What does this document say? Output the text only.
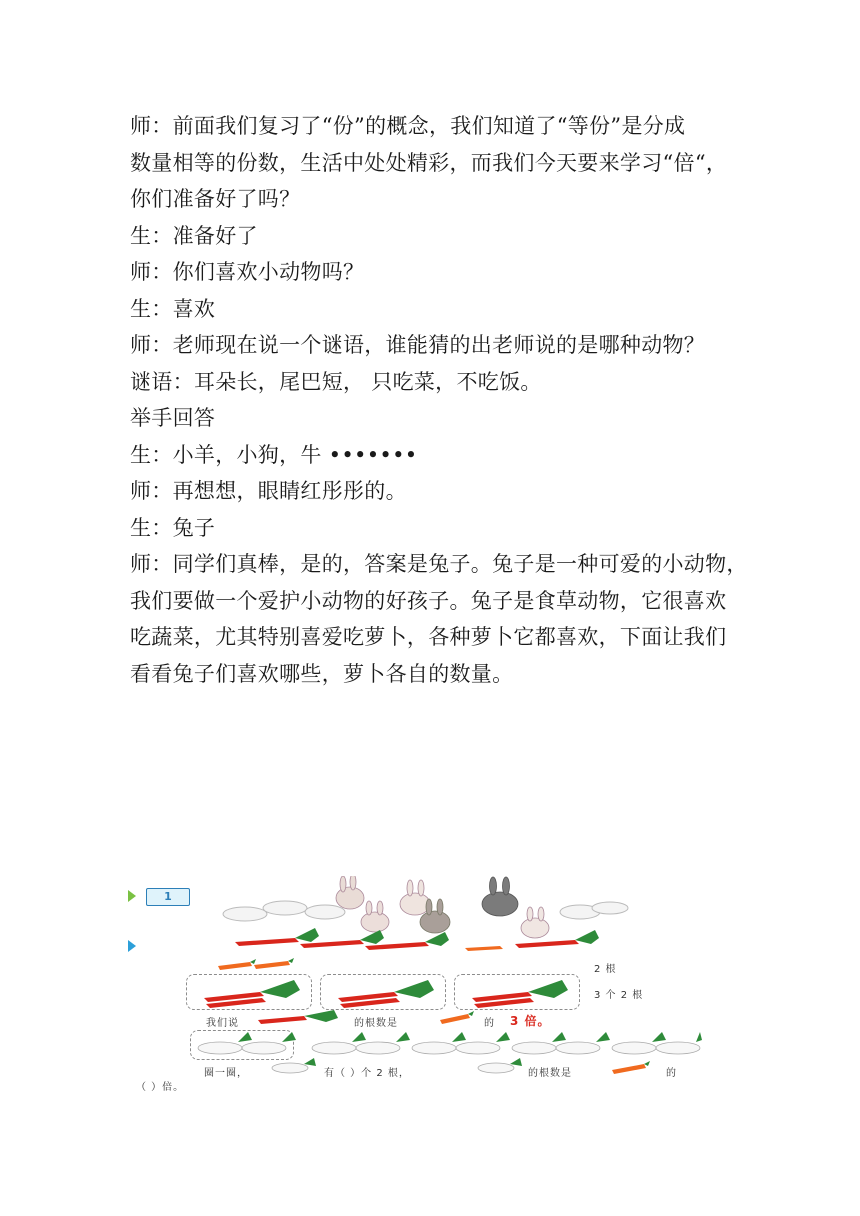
师：前面我们复习了“份”的概念，我们知道了“等份”是分成
数量相等的份数，生活中处处精彩，而我们今天要来学习“倍“，
你们准备好了吗？
生：准备好了
师：你们喜欢小动物吗？
生：喜欢
师：老师现在说一个谜语，谁能猜的出老师说的是哪种动物？
谜语：耳朵长，尾巴短， 只吃菜，不吃饭。
举手回答
生：小羊，小狗，牛 •••••••
师：再想想，眼睛红彤彤的。
生：兔子
师：同学们真棒，是的，答案是兔子。兔子是一种可爱的小动物，
我们要做一个爱护小动物的好孩子。兔子是食草动物，它很喜欢
吃蔬菜，尤其特别喜爱吃萝卜，各种萝卜它都喜欢，下面让我们
看看兔子们喜欢哪些，萝卜各自的数量。
1
2 根
3 个 2 根
我们说	的根数是	的 3 倍。
圈一圈，	有（ ）个 2 根，	的根数是	的
（ ）倍。
